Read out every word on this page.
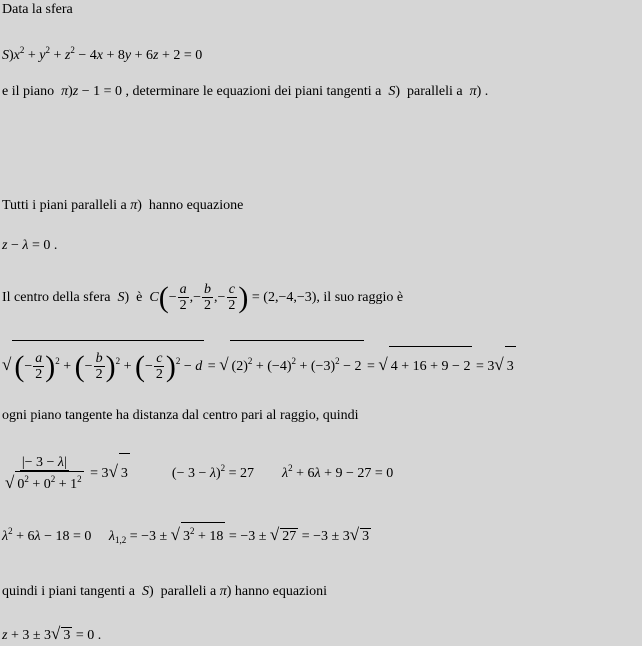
Data la sfera
$S)x^2 + y^2 + z^2 - 4x + 8y + 6z + 2 = 0$
e il piano  π)z − 1 = 0 , determinare le equazioni dei piani tangenti a  S)  paralleli a  π) .
Tutti i piani paralleli a π)  hanno equazione
z − λ = 0 .
Il centro della sfera  S)  è  $C(- \frac{a}{2}$ ,− $\frac{b}{2}$ ,− $\frac{c}{2}$ ) = (2,−4,−3), il suo raggio è
√ (− $\frac{a}{2} )^2$ + (− $\frac{b}{2} )^2$ + (− $\frac{c}{2} )^2 - d$ = √ $(2)^2 + (-4)^2 + (-3)^2 - 2$ = √ 4 + 16 + 9 − 2 = 3√ 3
ogni piano tangente ha distanza dal centro pari al raggio, quindi
$\frac{|- 3 - \lambda|}{√ 0^2 + 0^2 + 1^2} = 3√$ 3            (− 3 − λ)$^2$ = 27        $\lambda^2 + 6\lambda + 9 - 27 = 0$
$\lambda^2 + 6\lambda - 18 = 0$     $\lambda_{1,2} = -3$ ± √ $3^2 + 18 = -3$ ± √ 27 = −3 ± 3√ 3
quindi i piani tangenti a  S)  paralleli a π) hanno equazioni
z + 3 ± 3√ 3 = 0 .
